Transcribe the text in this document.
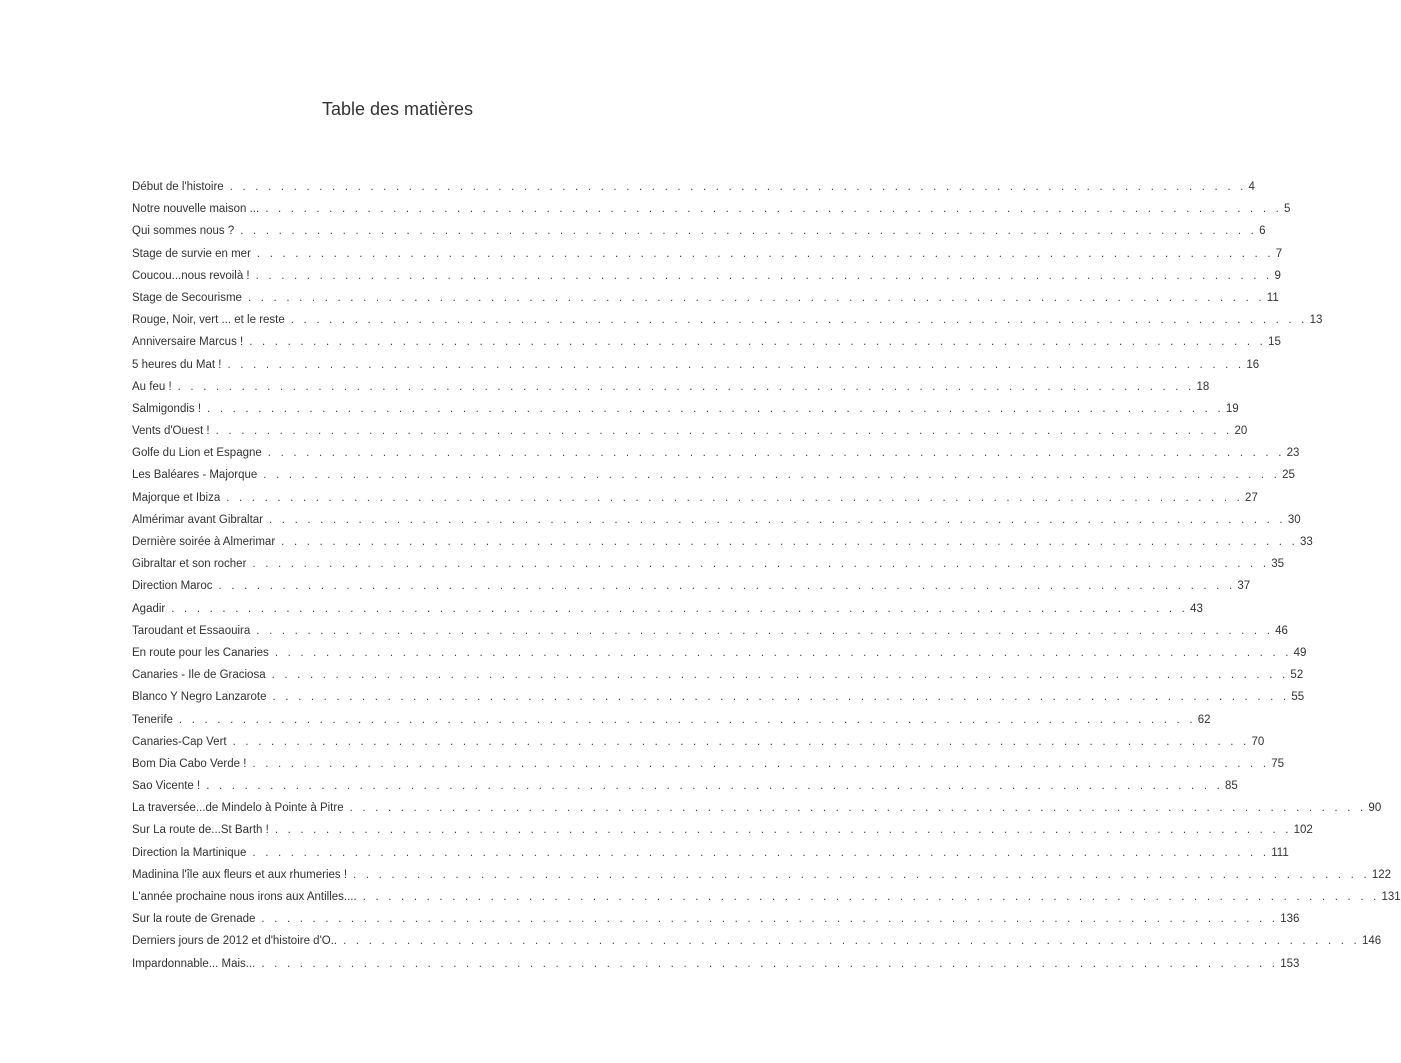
Table des matières
Début de l'histoire . . . . . . . . . . . . . . . . . . . . . . . . . . . . . . . . . . . . . . . . . . . . . . . . . . . . . . . . . . . . . . . . . . . . . . . . . . . . . . . . 4
Notre nouvelle maison ... . . . . . . . . . . . . . . . . . . . . . . . . . . . . . . . . . . . . . . . . . . . . . . . . . . . . . . . . . . . . . . . . . . . . . . . . . . . . . . . . 5
Qui sommes nous ? . . . . . . . . . . . . . . . . . . . . . . . . . . . . . . . . . . . . . . . . . . . . . . . . . . . . . . . . . . . . . . . . . . . . . . . . . . . . . . . . 6
Stage de survie en mer . . . . . . . . . . . . . . . . . . . . . . . . . . . . . . . . . . . . . . . . . . . . . . . . . . . . . . . . . . . . . . . . . . . . . . . . . . . . . . . . 7
Coucou...nous revoilà ! . . . . . . . . . . . . . . . . . . . . . . . . . . . . . . . . . . . . . . . . . . . . . . . . . . . . . . . . . . . . . . . . . . . . . . . . . . . . . . . . 9
Stage de Secourisme . . . . . . . . . . . . . . . . . . . . . . . . . . . . . . . . . . . . . . . . . . . . . . . . . . . . . . . . . . . . . . . . . . . . . . . . . . . . . . . . 11
Rouge, Noir, vert ... et le reste . . . . . . . . . . . . . . . . . . . . . . . . . . . . . . . . . . . . . . . . . . . . . . . . . . . . . . . . . . . . . . . . . . . . . . . . . . . . . . . . 13
Anniversaire Marcus ! . . . . . . . . . . . . . . . . . . . . . . . . . . . . . . . . . . . . . . . . . . . . . . . . . . . . . . . . . . . . . . . . . . . . . . . . . . . . . . . . 15
5 heures du Mat ! . . . . . . . . . . . . . . . . . . . . . . . . . . . . . . . . . . . . . . . . . . . . . . . . . . . . . . . . . . . . . . . . . . . . . . . . . . . . . . . . 16
Au feu ! . . . . . . . . . . . . . . . . . . . . . . . . . . . . . . . . . . . . . . . . . . . . . . . . . . . . . . . . . . . . . . . . . . . . . . . . . . . . . . . . 18
Salmigondis ! . . . . . . . . . . . . . . . . . . . . . . . . . . . . . . . . . . . . . . . . . . . . . . . . . . . . . . . . . . . . . . . . . . . . . . . . . . . . . . . . 19
Vents d'Ouest ! . . . . . . . . . . . . . . . . . . . . . . . . . . . . . . . . . . . . . . . . . . . . . . . . . . . . . . . . . . . . . . . . . . . . . . . . . . . . . . . . 20
Golfe du Lion et Espagne . . . . . . . . . . . . . . . . . . . . . . . . . . . . . . . . . . . . . . . . . . . . . . . . . . . . . . . . . . . . . . . . . . . . . . . . . . . . . . . . 23
Les Baléares - Majorque . . . . . . . . . . . . . . . . . . . . . . . . . . . . . . . . . . . . . . . . . . . . . . . . . . . . . . . . . . . . . . . . . . . . . . . . . . . . . . . . 25
Majorque et Ibiza . . . . . . . . . . . . . . . . . . . . . . . . . . . . . . . . . . . . . . . . . . . . . . . . . . . . . . . . . . . . . . . . . . . . . . . . . . . . . . . . 27
Almérimar avant Gibraltar . . . . . . . . . . . . . . . . . . . . . . . . . . . . . . . . . . . . . . . . . . . . . . . . . . . . . . . . . . . . . . . . . . . . . . . . . . . . . . . . 30
Dernière soirée à Almerimar . . . . . . . . . . . . . . . . . . . . . . . . . . . . . . . . . . . . . . . . . . . . . . . . . . . . . . . . . . . . . . . . . . . . . . . . . . . . . . . . 33
Gibraltar et son rocher . . . . . . . . . . . . . . . . . . . . . . . . . . . . . . . . . . . . . . . . . . . . . . . . . . . . . . . . . . . . . . . . . . . . . . . . . . . . . . . . 35
Direction Maroc . . . . . . . . . . . . . . . . . . . . . . . . . . . . . . . . . . . . . . . . . . . . . . . . . . . . . . . . . . . . . . . . . . . . . . . . . . . . . . . . 37
Agadir . . . . . . . . . . . . . . . . . . . . . . . . . . . . . . . . . . . . . . . . . . . . . . . . . . . . . . . . . . . . . . . . . . . . . . . . . . . . . . . . 43
Taroudant et Essaouira . . . . . . . . . . . . . . . . . . . . . . . . . . . . . . . . . . . . . . . . . . . . . . . . . . . . . . . . . . . . . . . . . . . . . . . . . . . . . . . . 46
En route pour les Canaries . . . . . . . . . . . . . . . . . . . . . . . . . . . . . . . . . . . . . . . . . . . . . . . . . . . . . . . . . . . . . . . . . . . . . . . . . . . . . . . . 49
Canaries - Ile de Graciosa . . . . . . . . . . . . . . . . . . . . . . . . . . . . . . . . . . . . . . . . . . . . . . . . . . . . . . . . . . . . . . . . . . . . . . . . . . . . . . . . 52
Blanco Y Negro Lanzarote . . . . . . . . . . . . . . . . . . . . . . . . . . . . . . . . . . . . . . . . . . . . . . . . . . . . . . . . . . . . . . . . . . . . . . . . . . . . . . . . 55
Tenerife . . . . . . . . . . . . . . . . . . . . . . . . . . . . . . . . . . . . . . . . . . . . . . . . . . . . . . . . . . . . . . . . . . . . . . . . . . . . . . . . 62
Canaries-Cap Vert . . . . . . . . . . . . . . . . . . . . . . . . . . . . . . . . . . . . . . . . . . . . . . . . . . . . . . . . . . . . . . . . . . . . . . . . . . . . . . . . 70
Bom Dia Cabo Verde ! . . . . . . . . . . . . . . . . . . . . . . . . . . . . . . . . . . . . . . . . . . . . . . . . . . . . . . . . . . . . . . . . . . . . . . . . . . . . . . . . 75
Sao Vicente ! . . . . . . . . . . . . . . . . . . . . . . . . . . . . . . . . . . . . . . . . . . . . . . . . . . . . . . . . . . . . . . . . . . . . . . . . . . . . . . . . 85
La traversée...de Mindelo à Pointe à Pitre . . . . . . . . . . . . . . . . . . . . . . . . . . . . . . . . . . . . . . . . . . . . . . . . . . . . . . . . . . . . . . . . . . . . . . . . . . . . . . . . 90
Sur La route de...St Barth ! . . . . . . . . . . . . . . . . . . . . . . . . . . . . . . . . . . . . . . . . . . . . . . . . . . . . . . . . . . . . . . . . . . . . . . . . . . . . . . . . 102
Direction la Martinique . . . . . . . . . . . . . . . . . . . . . . . . . . . . . . . . . . . . . . . . . . . . . . . . . . . . . . . . . . . . . . . . . . . . . . . . . . . . . . . . 111
Madinina l'île aux fleurs et aux rhumeries ! . . . . . . . . . . . . . . . . . . . . . . . . . . . . . . . . . . . . . . . . . . . . . . . . . . . . . . . . . . . . . . . . . . . . . . . . . . . . . . . . 122
L'année prochaine nous irons aux Antilles.... . . . . . . . . . . . . . . . . . . . . . . . . . . . . . . . . . . . . . . . . . . . . . . . . . . . . . . . . . . . . . . . . . . . . . . . . . . . . . . . . 131
Sur la route de Grenade . . . . . . . . . . . . . . . . . . . . . . . . . . . . . . . . . . . . . . . . . . . . . . . . . . . . . . . . . . . . . . . . . . . . . . . . . . . . . . . . 136
Derniers jours de 2012 et d'histoire d'O.. . . . . . . . . . . . . . . . . . . . . . . . . . . . . . . . . . . . . . . . . . . . . . . . . . . . . . . . . . . . . . . . . . . . . . . . . . . . . . . . . 146
Impardonnable... Mais... . . . . . . . . . . . . . . . . . . . . . . . . . . . . . . . . . . . . . . . . . . . . . . . . . . . . . . . . . . . . . . . . . . . . . . . . . . . . . . . . 153
